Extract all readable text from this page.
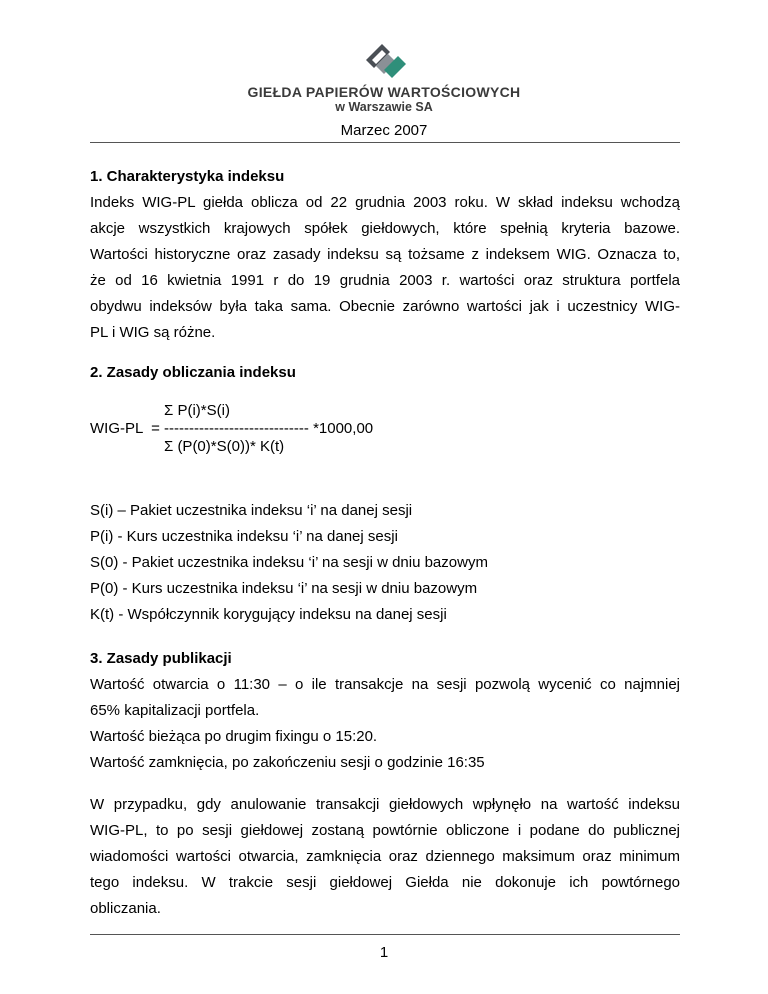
GIEŁDA PAPIERÓW WARTOŚCIOWYCH
w Warszawie SA
Marzec 2007
1. Charakterystyka indeksu
Indeks WIG-PL giełda oblicza od 22 grudnia 2003 roku. W skład indeksu wchodzą
akcje wszystkich krajowych spółek giełdowych, które spełnią kryteria bazowe.
Wartości historyczne oraz zasady indeksu są tożsame z indeksem WIG. Oznacza to,
że od 16 kwietnia 1991 r do 19 grudnia 2003 r. wartości oraz struktura portfela
obydwu indeksów była taka sama. Obecnie zarówno wartości jak i uczestnicy WIG-
PL i WIG są różne.
2. Zasady obliczania indeksu
Σ P(i)*S(i)
WIG-PL  = ----------------------------- *1000,00
Σ (P(0)*S(0))* K(t)
S(i) – Pakiet uczestnika indeksu ‘i’ na danej sesji
P(i) - Kurs uczestnika indeksu ‘i’ na danej sesji
S(0) - Pakiet uczestnika indeksu ‘i’ na sesji w dniu bazowym
P(0) - Kurs uczestnika indeksu ‘i’ na sesji w dniu bazowym
K(t) - Współczynnik korygujący indeksu na danej sesji
3. Zasady publikacji
Wartość otwarcia o 11:30 – o ile transakcje na sesji pozwolą wycenić co najmniej
65% kapitalizacji portfela.
Wartość bieżąca po drugim fixingu o 15:20.
Wartość zamknięcia, po zakończeniu sesji o godzinie 16:35
W przypadku, gdy anulowanie transakcji giełdowych wpłynęło na wartość indeksu
WIG-PL, to po sesji giełdowej zostaną powtórnie obliczone i podane do publicznej
wiadomości wartości otwarcia, zamknięcia oraz dziennego maksimum oraz minimum
tego indeksu. W trakcie sesji giełdowej Giełda nie dokonuje ich powtórnego
obliczania.
1
